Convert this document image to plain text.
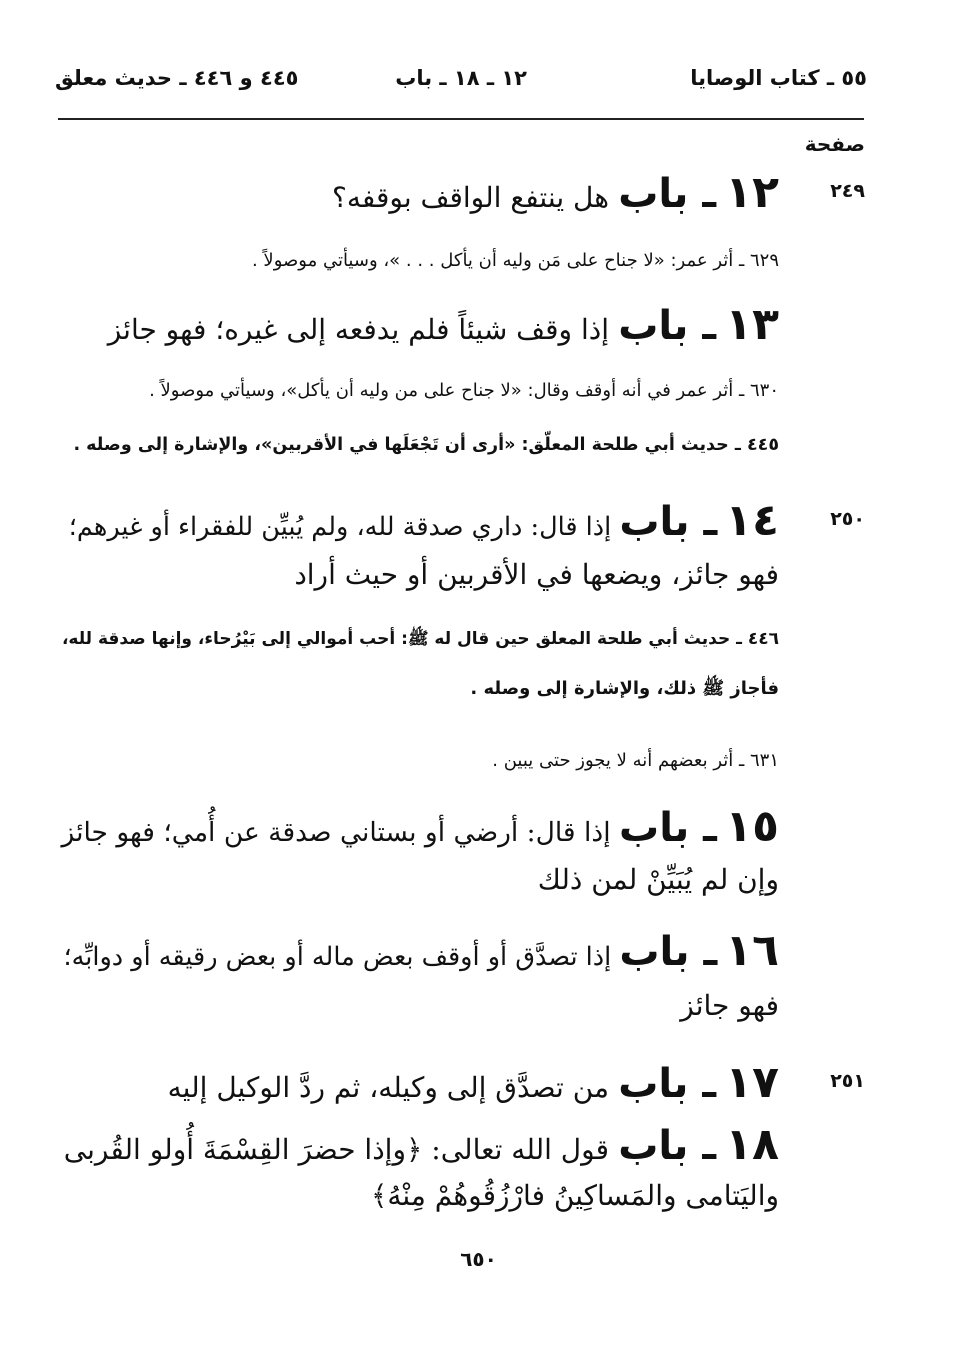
٥٥ ـ كتاب الوصايا
١٢ ـ ١٨ ـ باب
٤٤٥ و ٤٤٦ ـ حديث معلق
صفحة
٢٤٩
١٢ ـ باب هل ينتفع الواقف بوقفه؟
٦٢٩ ـ أثر عمر: «لا جناح على مَن وليه أن يأكل . . . »، وسيأتي موصولاً .
١٣ ـ باب إذا وقف شيئاً فلم يدفعه إلى غيره؛ فهو جائز
٦٣٠ ـ أثر عمر في أنه أوقف وقال: «لا جناح على من وليه أن يأكل»، وسيأتي موصولاً .
٤٤٥ ـ حديث أبي طلحة المعلّق: «أرى أن تَجْعَلَها في الأقربين»، والإشارة إلى وصله .
٢٥٠
١٤ ـ باب إذا قال: داري صدقة لله، ولم يُبيِّن للفقراء أو غيرهم؛
فهو جائز، ويضعها في الأقربين أو حيث أراد
٤٤٦ ـ حديث أبي طلحة المعلق حين قال له ﷺ: أحب أموالي إلى بَيْرُحاء، وإنها صدقة لله،
فأجاز ﷺ ذلك، والإشارة إلى وصله .
٦٣١ ـ أثر بعضهم أنه لا يجوز حتى يبين .
١٥ ـ باب إذا قال: أرضي أو بستاني صدقة عن أُمي؛ فهو جائز
وإن لم يُبَيِّنْ لمن ذلك
١٦ ـ باب إذا تصدَّق أو أوقف بعض ماله أو بعض رقيقه أو دوابِّه؛
فهو جائز
٢٥١
١٧ ـ باب من تصدَّق إلى وكيله، ثم ردَّ الوكيل إليه
١٨ ـ باب قول الله تعالى: ﴿وإذا حضرَ القِسْمَةَ أُولو القُربى
واليَتامى والمَساكِينُ فارْزُقُوهُمْ مِنْهُ﴾
٦٥٠
